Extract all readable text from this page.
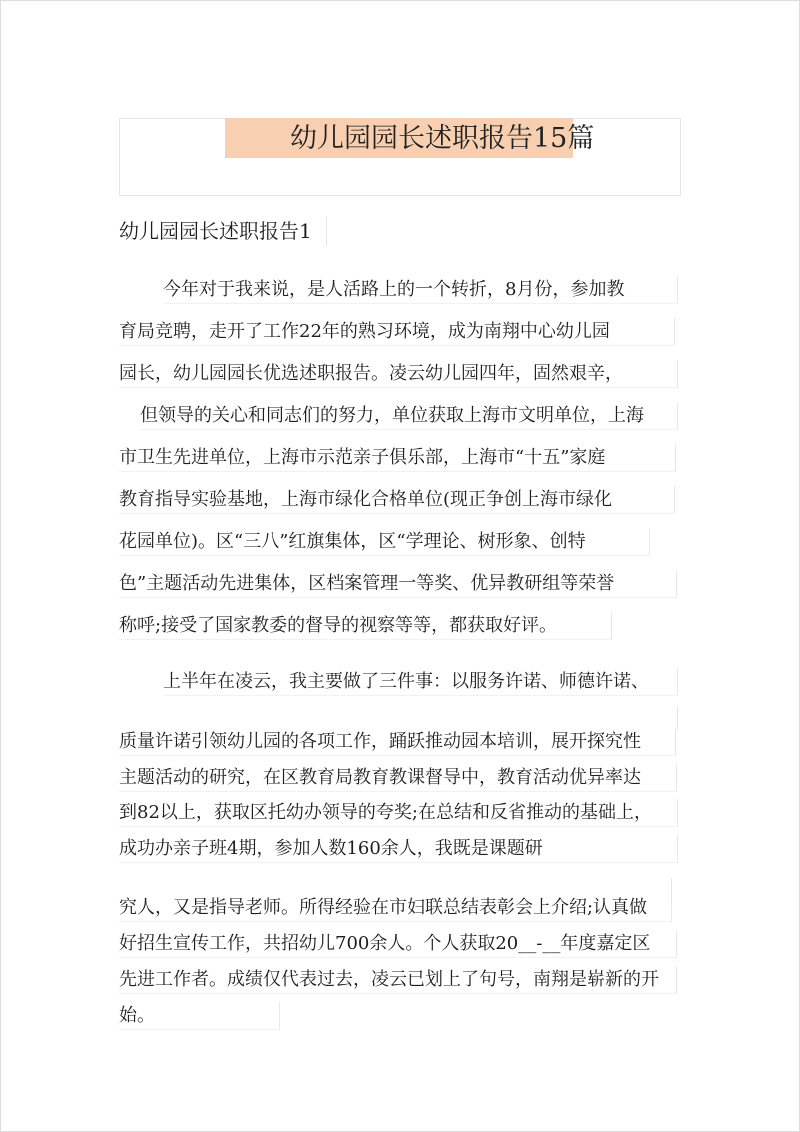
幼儿园园长述职报告15篇
幼儿园园长述职报告1
今年对于我来说，是人活路上的一个转折，8月份，参加教
育局竞聘，走开了工作22年的熟习环境，成为南翔中心幼儿园
园长，幼儿园园长优选述职报告。凌云幼儿园四年，固然艰辛，
但领导的关心和同志们的努力，单位获取上海市文明单位，上海
市卫生先进单位，上海市示范亲子俱乐部，上海市“十五”家庭
教育指导实验基地，上海市绿化合格单位(现正争创上海市绿化
花园单位)。区“三八”红旗集体，区“学理论、树形象、创特
色”主题活动先进集体，区档案管理一等奖、优异教研组等荣誉
称呼;接受了国家教委的督导的视察等等，都获取好评。
上半年在凌云，我主要做了三件事：以服务许诺、师德许诺、
质量许诺引领幼儿园的各项工作，踊跃推动园本培训，展开探究性
主题活动的研究，在区教育局教育教课督导中，教育活动优异率达
到82以上，获取区托幼办领导的夸奖;在总结和反省推动的基础上，
成功办亲子班4期，参加人数160余人，我既是课题研
究人，又是指导老师。所得经验在市妇联总结表彰会上介绍;认真做
好招生宣传工作，共招幼儿700余人。个人获取20__-__年度嘉定区
先进工作者。成绩仅代表过去，凌云已划上了句号，南翔是崭新的开
始。
